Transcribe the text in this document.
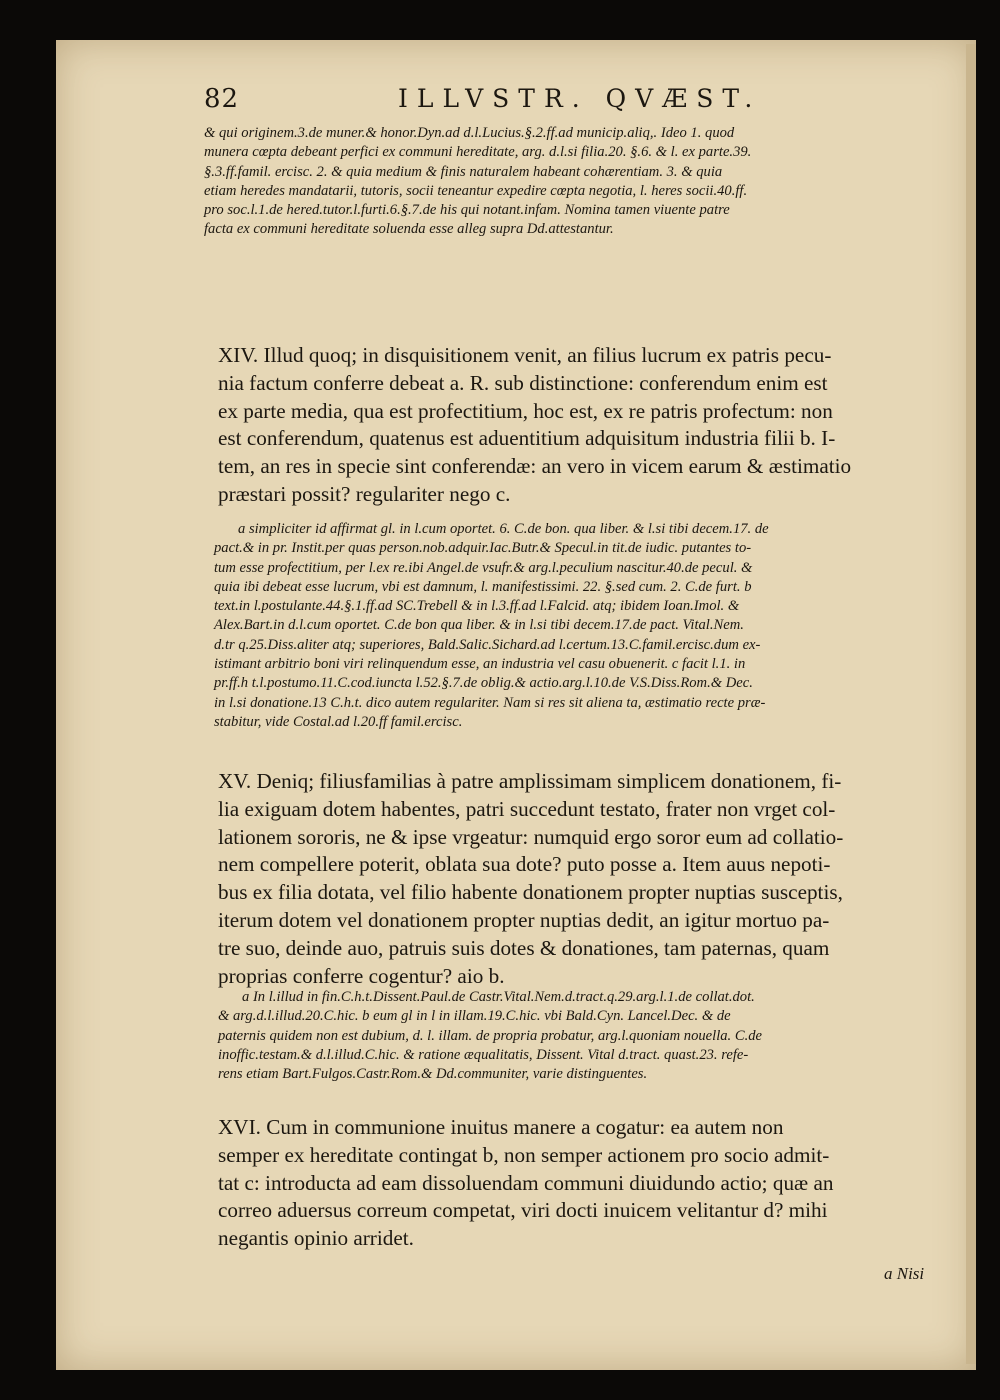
82	ILLVSTR. QVÆST.
& qui originem.3.de muner.& honor.Dyn.ad d.l.Lucius.§.2.ff.ad municip.aliq,. Ideo 1. quod
munera cœpta debeant perfici ex communi hereditate, arg. d.l.si filia.20. §.6. & l. ex parte.39.
§.3.ff.famil. ercisc. 2. & quia medium & finis naturalem habeant cohærentiam. 3. & quia
etiam heredes mandatarii, tutoris, socii teneantur expedire cœpta negotia, l. heres socii.40.ff.
pro soc.l.1.de hered.tutor.l.furti.6.§.7.de his qui notant.infam. Nomina tamen viuente patre
facta ex communi hereditate soluenda esse alleg supra Dd.attestantur.
XIV. Illud quoq; in disquisitionem venit, an filius lucrum ex patris pecu-
nia factum conferre debeat a. R. sub distinctione: conferendum enim est
ex parte media, qua est profectitium, hoc est, ex re patris profectum: non
est conferendum, quatenus est aduentitium adquisitum industria filii b. I-
tem, an res in specie sint conferendæ: an vero in vicem earum & æstimatio
præstari possit? regulariter nego c.
a simpliciter id affirmat gl. in l.cum oportet. 6. C.de bon. qua liber. & l.si tibi decem.17. de
pact.& in pr. Instit.per quas person.nob.adquir.Iac.Butr.& Specul.in tit.de iudic. putantes to-
tum esse profectitium, per l.ex re.ibi Angel.de vsufr.& arg.l.peculium nascitur.40.de pecul. &
quia ibi debeat esse lucrum, vbi est damnum, l. manifestissimi. 22. §.sed cum. 2. C.de furt. b
text.in l.postulante.44.§.1.ff.ad SC.Trebell & in l.3.ff.ad l.Falcid. atq; ibidem Ioan.Imol. &
Alex.Bart.in d.l.cum oportet. C.de bon qua liber. & in l.si tibi decem.17.de pact. Vital.Nem.
d.tr q.25.Diss.aliter atq; superiores, Bald.Salic.Sichard.ad l.certum.13.C.famil.ercisc.dum ex-
istimant arbitrio boni viri relinquendum esse, an industria vel casu obuenerit. c facit l.1. in
pr.ff.h t.l.postumo.11.C.cod.iuncta l.52.§.7.de oblig.& actio.arg.l.10.de V.S.Diss.Rom.& Dec.
in l.si donatione.13 C.h.t. dico autem regulariter. Nam si res sit aliena ta, æstimatio recte præ-
stabitur, vide Costal.ad l.20.ff famil.ercisc.
XV. Deniq; filiusfamilias à patre amplissimam simplicem donationem, fi-
lia exiguam dotem habentes, patri succedunt testato, frater non vrget col-
lationem sororis, ne & ipse vrgeatur: numquid ergo soror eum ad collatio-
nem compellere poterit, oblata sua dote? puto posse a. Item auus nepoti-
bus ex filia dotata, vel filio habente donationem propter nuptias susceptis,
iterum dotem vel donationem propter nuptias dedit, an igitur mortuo pa-
tre suo, deinde auo, patruis suis dotes & donationes, tam paternas, quam
proprias conferre cogentur? aio b.
a In l.illud in fin.C.h.t.Dissent.Paul.de Castr.Vital.Nem.d.tract.q.29.arg.l.1.de collat.dot.
& arg.d.l.illud.20.C.hic. b eum gl in l in illam.19.C.hic. vbi Bald.Cyn. Lancel.Dec. & de
paternis quidem non est dubium, d. l. illam. de propria probatur, arg.l.quoniam nouella. C.de
inoffic.testam.& d.l.illud.C.hic. & ratione æqualitatis, Dissent. Vital d.tract. quast.23. refe-
rens etiam Bart.Fulgos.Castr.Rom.& Dd.communiter, varie distinguentes.
XVI. Cum in communione inuitus manere a cogatur: ea autem non
semper ex hereditate contingat b, non semper actionem pro socio admit-
tat c: introducta ad eam dissoluendam communi diuidundo actio; quæ an
correo aduersus correum competat, viri docti inuicem velitantur d? mihi
negantis opinio arridet.
a Nisi
